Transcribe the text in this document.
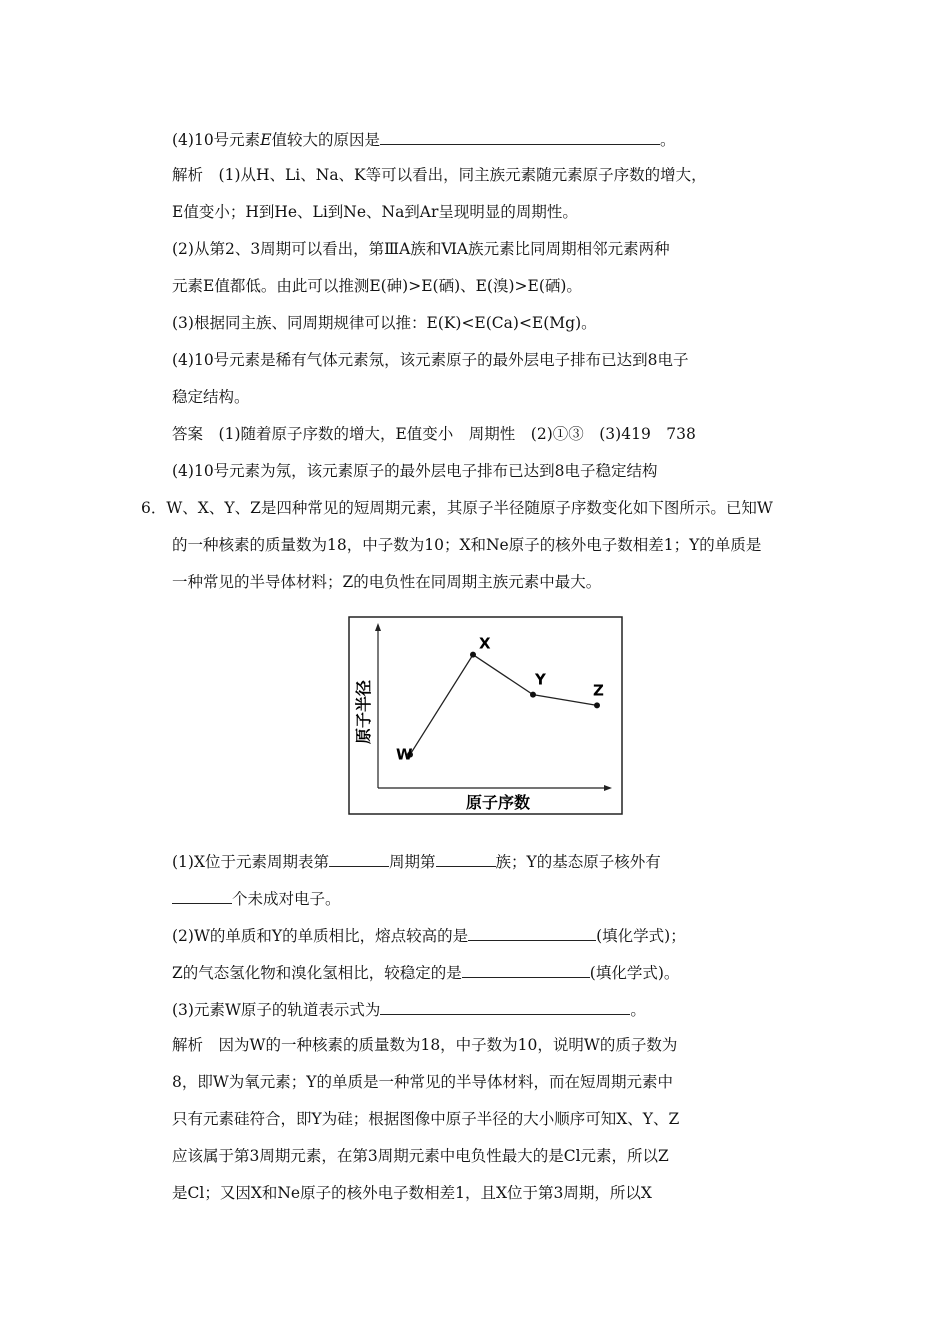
(4)10号元素E值较大的原因是	。
解析　 (1)从H、Li、Na、K等可以看出，同主族元素随元素原子序数的增大，
E值变小；H到He、Li到Ne、Na到Ar呈现明显的周期性。
(2)从第2、3周期可以看出，第ⅢA族和ⅥA族元素比同周期相邻元素两种
元素E值都低。由此可以推测E(砷)>E(硒)、E(溴)>E(硒)。
(3)根据同主族、同周期规律可以推：E(K)<E(Ca)<E(Mg)。
(4)10号元素是稀有气体元素氖，该元素原子的最外层电子排布已达到8电子
稳定结构。
答案　 (1)随着原子序数的增大，E值变小　周期性　(2)①③　(3)419　738
(4)10号元素为氖，该元素原子的最外层电子排布已达到8电子稳定结构
6．W、X、Y、Z是四种常见的短周期元素，其原子半径随原子序数变化如下图所示。已知W
的一种核素的质量数为18，中子数为10；X和Ne原子的核外电子数相差1；Y的单质是
一种常见的半导体材料；Z的电负性在同周期主族元素中最大。
原子序数
原子半径
W
X
Y
Z
(1)X位于元素周期表第	周期第	族；Y的基态原子核外有
个未成对电子。
(2)W的单质和Y的单质相比，熔点较高的是	(填化学式)；
Z的气态氢化物和溴化氢相比，较稳定的是	(填化学式)。
(3)元素W原子的轨道表示式为	。
解析　 因为W的一种核素的质量数为18，中子数为10，说明W的质子数为
8，即W为氧元素；Y的单质是一种常见的半导体材料，而在短周期元素中
只有元素硅符合，即Y为硅；根据图像中原子半径的大小顺序可知X、Y、Z
应该属于第3周期元素，在第3周期元素中电负性最大的是Cl元素，所以Z
是Cl；又因X和Ne原子的核外电子数相差1，且X位于第3周期，所以X
